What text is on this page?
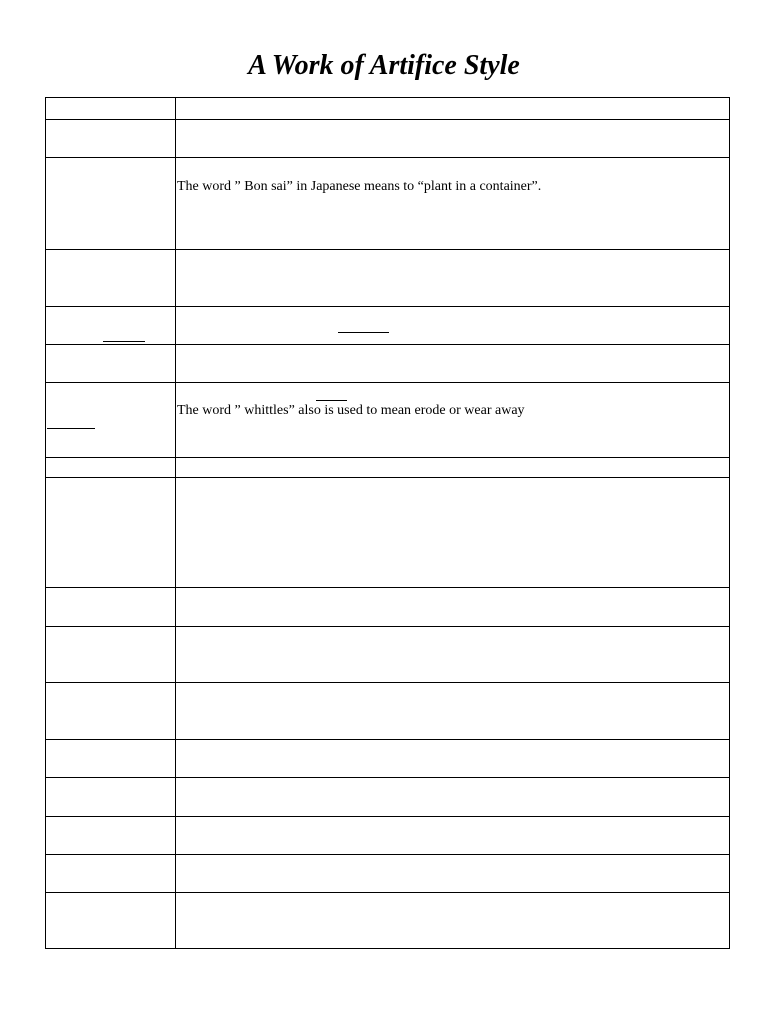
A Work of Artifice Style

	The word ” Bon sai” in Japanese means to “plant in a container”.

	The word ” whittles” also is used to mean erode or wear away
